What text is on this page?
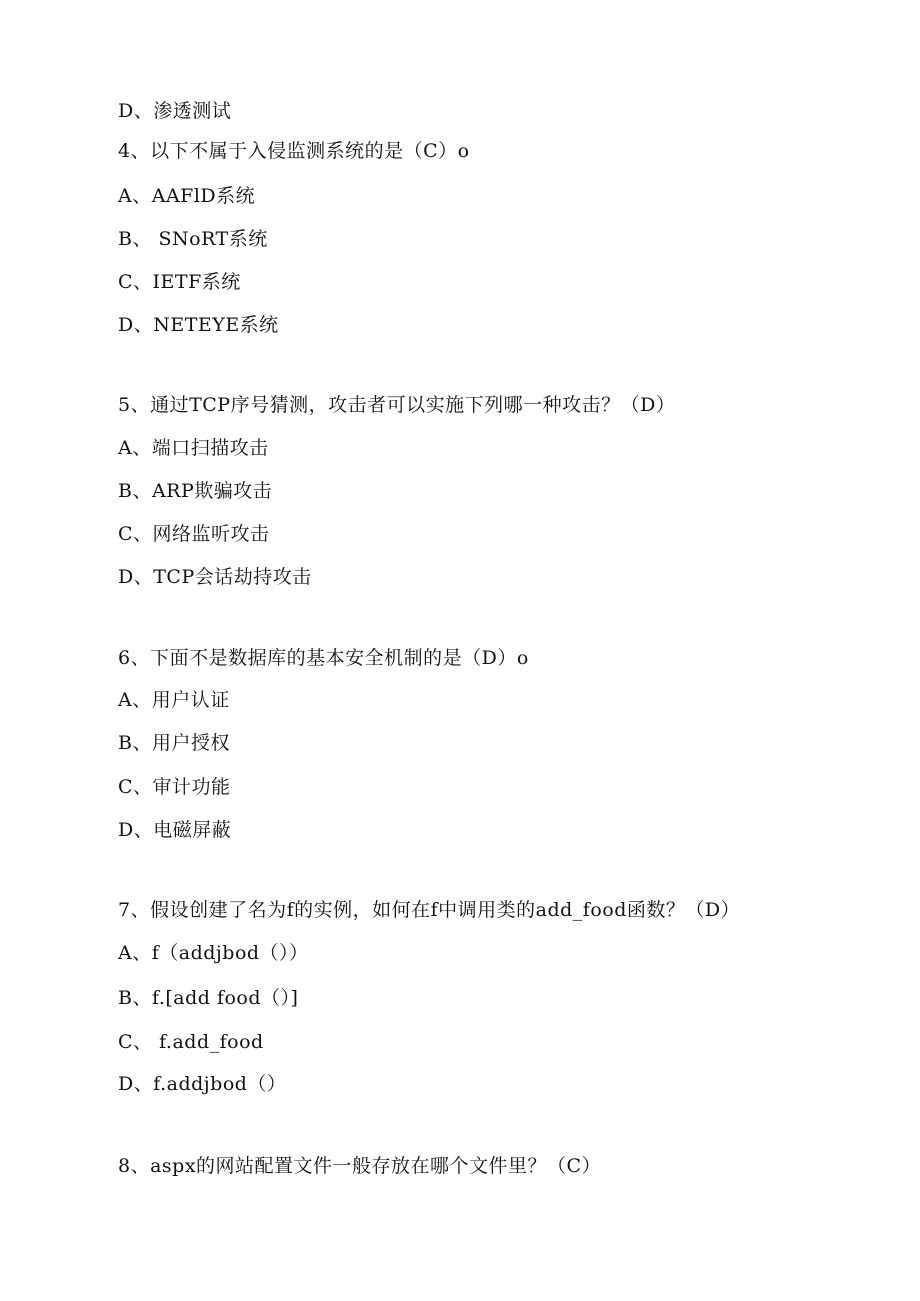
D、渗透测试
4、以下不属于入侵监测系统的是（C）o
A、AAFlD系统
B、 SNoRT系统
C、IETF系统
D、NETEYE系统
5、通过TCP序号猜测，攻击者可以实施下列哪一种攻击？（D）
A、端口扫描攻击
B、ARP欺骗攻击
C、网络监听攻击
D、TCP会话劫持攻击
6、下面不是数据库的基本安全机制的是（D）o
A、用户认证
B、用户授权
C、审计功能
D、电磁屏蔽
7、假设创建了名为f的实例，如何在f中调用类的add_food函数？（D）
A、f（addjbod（））
B、f.[add food（）]
C、 f.add_food
D、f.addjbod（）
8、aspx的网站配置文件一般存放在哪个文件里？（C）
